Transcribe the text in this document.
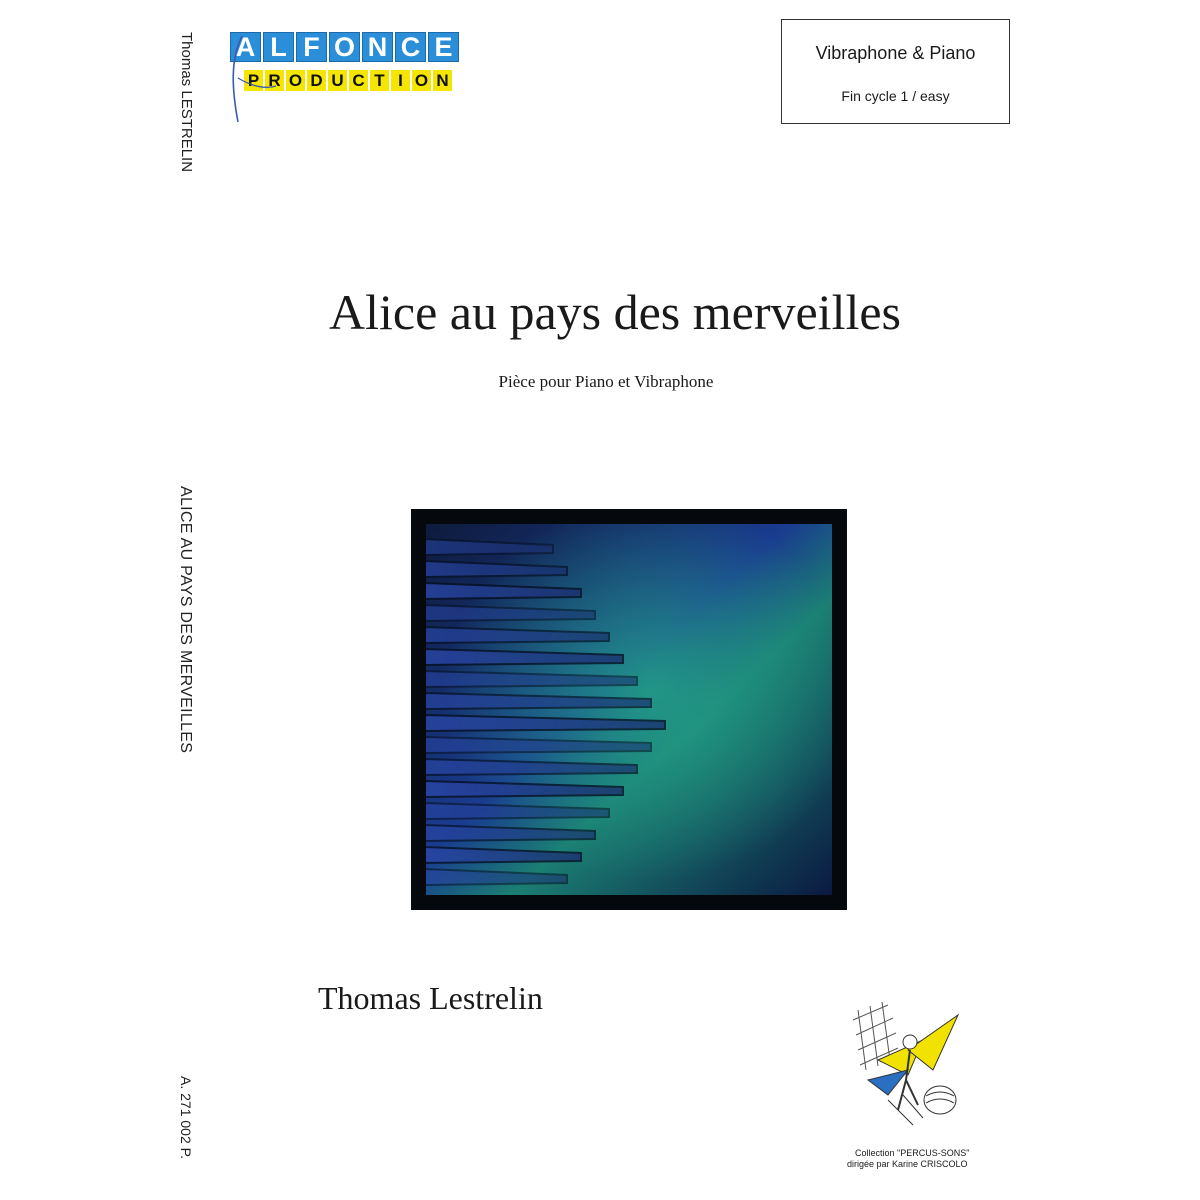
Thomas LESTRELIN
ALICE AU PAYS DES MERVEILLES
A. 271 002 P.
A L F O N C E
P R O D U C T I O N
Vibraphone & Piano
Fin cycle 1 / easy
Alice au pays des merveilles
Pièce pour Piano et Vibraphone
Thomas Lestrelin
Collection "PERCUS-SONS"
dirigée par Karine CRISCOLO
